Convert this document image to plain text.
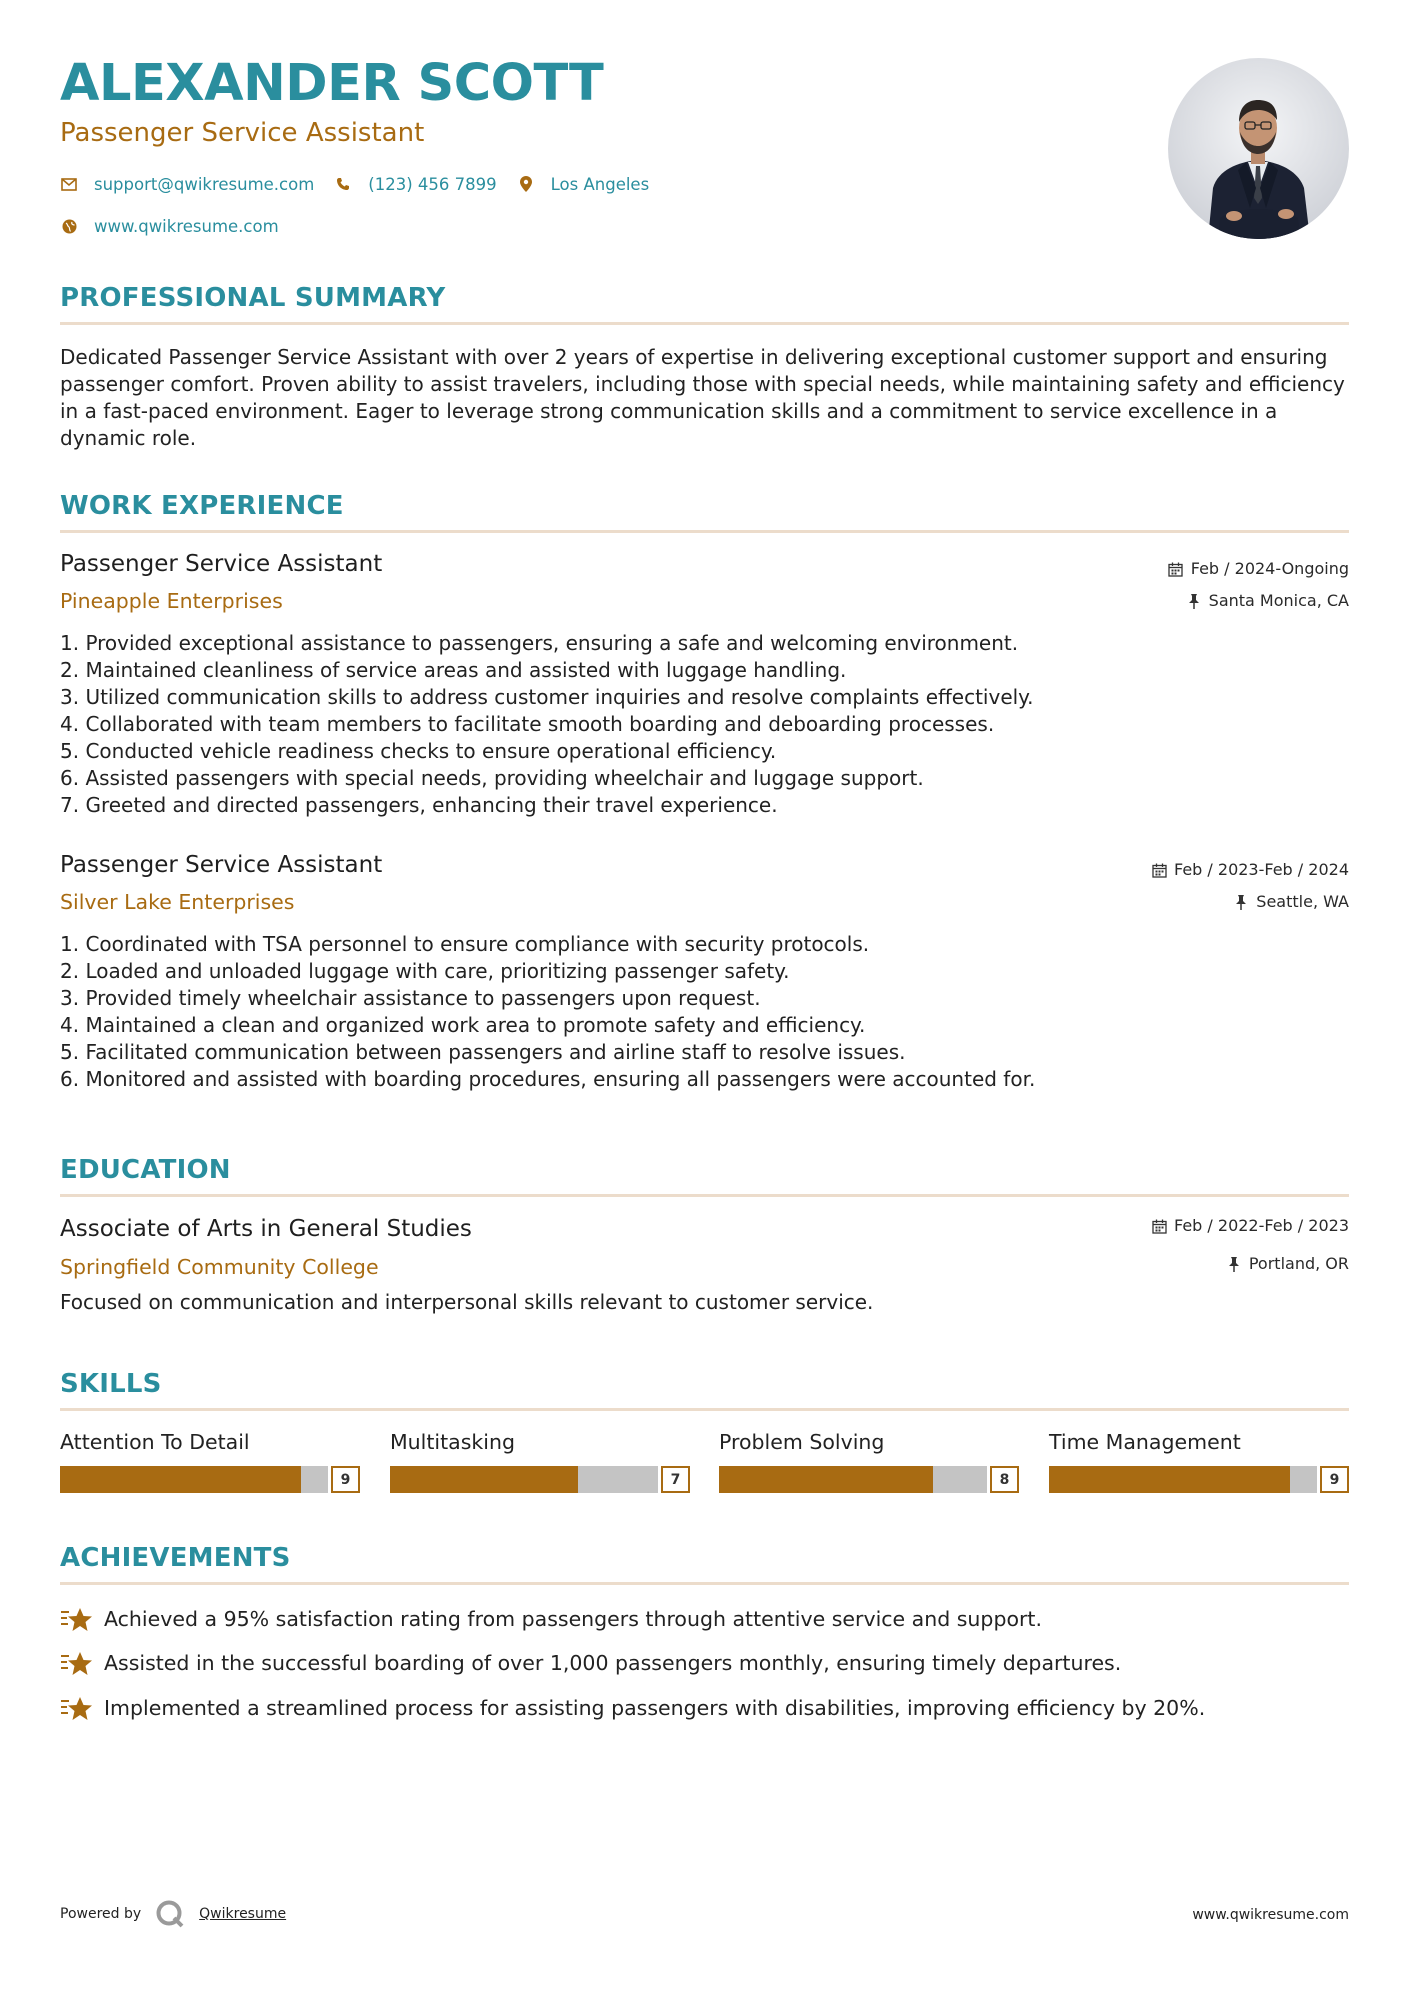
ALEXANDER SCOTT
Passenger Service Assistant
support@qwikresume.com	(123) 456 7899	Los Angeles
www.qwikresume.com
PROFESSIONAL SUMMARY
Dedicated Passenger Service Assistant with over 2 years of expertise in delivering exceptional customer support and ensuring passenger comfort. Proven ability to assist travelers, including those with special needs, while maintaining safety and efficiency in a fast-paced environment. Eager to leverage strong communication skills and a commitment to service excellence in a dynamic role.
WORK EXPERIENCE
Passenger Service Assistant
Pineapple Enterprises
Feb / 2024-Ongoing
Santa Monica, CA
1. Provided exceptional assistance to passengers, ensuring a safe and welcoming environment.
2. Maintained cleanliness of service areas and assisted with luggage handling.
3. Utilized communication skills to address customer inquiries and resolve complaints effectively.
4. Collaborated with team members to facilitate smooth boarding and deboarding processes.
5. Conducted vehicle readiness checks to ensure operational efficiency.
6. Assisted passengers with special needs, providing wheelchair and luggage support.
7. Greeted and directed passengers, enhancing their travel experience.
Passenger Service Assistant
Silver Lake Enterprises
Feb / 2023-Feb / 2024
Seattle, WA
1. Coordinated with TSA personnel to ensure compliance with security protocols.
2. Loaded and unloaded luggage with care, prioritizing passenger safety.
3. Provided timely wheelchair assistance to passengers upon request.
4. Maintained a clean and organized work area to promote safety and efficiency.
5. Facilitated communication between passengers and airline staff to resolve issues.
6. Monitored and assisted with boarding procedures, ensuring all passengers were accounted for.
EDUCATION
Associate of Arts in General Studies
Springfield Community College
Feb / 2022-Feb / 2023
Portland, OR
Focused on communication and interpersonal skills relevant to customer service.
SKILLS
Attention To Detail
9
Multitasking
7
Problem Solving
8
Time Management
9
ACHIEVEMENTS
Achieved a 95% satisfaction rating from passengers through attentive service and support.
Assisted in the successful boarding of over 1,000 passengers monthly, ensuring timely departures.
Implemented a streamlined process for assisting passengers with disabilities, improving efficiency by 20%.
Powered by	Qwikresume	www.qwikresume.com
